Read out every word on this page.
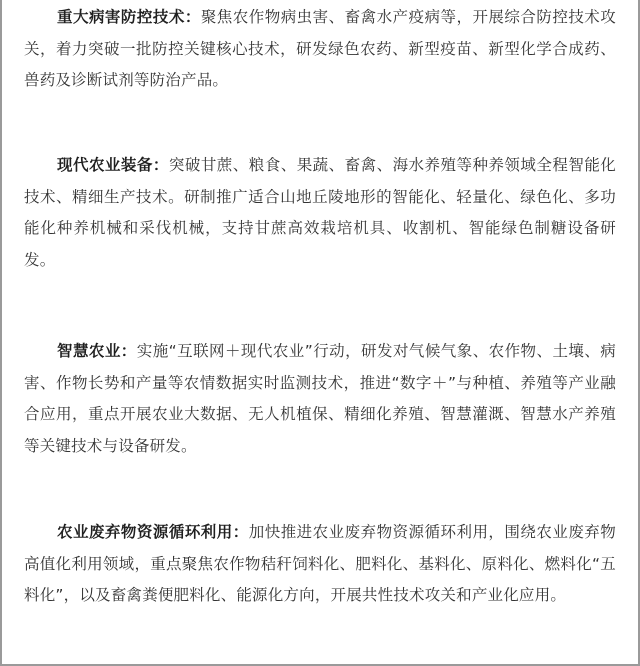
重大病害防控技术：聚焦农作物病虫害、畜禽水产疫病等，开展综合防控技术攻关，着力突破一批防控关键核心技术，研发绿色农药、新型疫苗、新型化学合成药、兽药及诊断试剂等防治产品。

现代农业装备：突破甘蔗、粮食、果蔬、畜禽、海水养殖等种养领域全程智能化技术、精细生产技术。研制推广适合山地丘陵地形的智能化、轻量化、绿色化、多功能化种养机械和采伐机械，支持甘蔗高效栽培机具、收割机、智能绿色制糖设备研发。

智慧农业：实施“互联网＋现代农业”行动，研发对气候气象、农作物、土壤、病害、作物长势和产量等农情数据实时监测技术，推进“数字＋”与种植、养殖等产业融合应用，重点开展农业大数据、无人机植保、精细化养殖、智慧灌溉、智慧水产养殖等关键技术与设备研发。

农业废弃物资源循环利用：加快推进农业废弃物资源循环利用，围绕农业废弃物高值化利用领域，重点聚焦农作物秸秆饲料化、肥料化、基料化、原料化、燃料化“五料化”，以及畜禽粪便肥料化、能源化方向，开展共性技术攻关和产业化应用。
